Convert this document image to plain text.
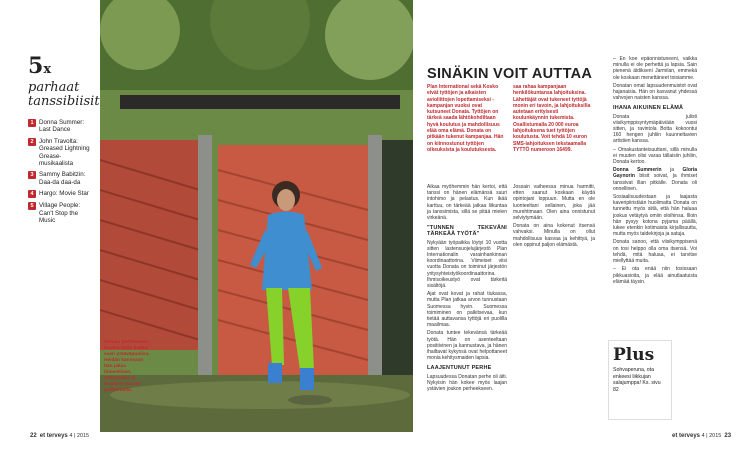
5x
parhaat tanssibiisit
1 Donna Summer: Last Dance
2 John Travolta: Greased Lightning Grease-musikaalista
3 Sammy Babitzin: Daa-da daa-da
4 Hargo: Movie Star
5 Village People: Can't Stop the Music
Donata perheeseen kuuluu äidin lisäksi saari ystäväpuoliso. Heidän kanssaan hän jakaa ihmeellisen, ystävyyden ja kesäisen saaren golfkentällä.
SINÄKIN VOIT AUTTAA
Plan International sekä Kosko eivät tyttöjen ja aikaisten avioliittojen lopettamiseksi -kampanjan vuoksi ovat kutsuneet Donata. Tyttöjen on tärkeä saada lähtökohdiltaan hyvä koulutus ja mahdollisuus elää oma elämä. Donata on pitkään tukenut kampanjaa. Hän on kiinnostunut tyttöjen oikeuksista ja koulutuksesta.
saa rahaa kampanjaan henkilökuntansa lahjoituksina. Lähettäjät ovat tukeneet tyttöjä monin eri tavoin, ja lahjoituksilla autetaan erityisesti koulunkäynnin tukemista. Osallistumalla 20 000 euroa lahjoituksena tuet tyttöjen koulutusta. Voit tehdä 10 euron SMS-lahjoituksen tekstaamalla TYTTÖ numeroon 16499.

Aikaa myöhemmin hän kertoi, että tanssi on hänen elämänsä suuri intohimo ja pelastus. Kun ikää karttuu, on tärkeää jatkaa liikuntaa ja tanssimista, sillä se pitää mielen virkeänä.

"TUNNEN TEKEVÄNI TÄRKEÄÄ TYÖTÄ"

Nykyään työpaikka löytyi 10 vuotta sitten lastensuojelujärjestö Plan Internationalin varainhankinnan koordinaattorina. Viimeiset viisi vuotta Donata on toiminut järjestön yritysyhteistyökoordinaattorina. Ihmisoikeustyö ovat tärkeitä sisältöjä.

Ajat ovat kovat ja rahat tiukassa, mutta Plan jatkaa arvon tunnustaan Suomessa hyvin. Suomessa toimiminen on palkitsevaa, kun tietää auttavansa tyttöjä eri puolilla maailmaa.

Donata tuntee tekevänsä tärkeää työtä. Hän on asenteeltaan positiivinen ja kannustava, ja hänen ihailtavat kykynsä ovat helpottaneet monia kehitysmaiden lapsia.

LAAJENTUNUT PERHE

Lapsuudessa Donatan perhe oli äiti. Nykyisin hän kokee myös laajan ystävien joukon perheekseen.

Jossain vaiheessa minua harmitti, etten saanut koskaan käydä opintojani loppuun. Mutta en ole luonteeltani sellainen, joka jää murehtimaan. Olen aina onnistunut selviytymään.

Donata on aina kokenut itsensä vahvaksi. Minulla on ollut mahdollisuus kasvaa ja kehittyä, ja olen oppinut paljon elämästä.

– En koe epäonnistuneeni, vaikka minulla ei ole perhettä ja lapsia. Sain pienenä äidikseni Jarmilan, emmekä ole koskaan menettäneet toisiamme.

Donatan omat lapsuudenmuistot ovat hajanaisia. Hän on kasvanut yhdessä vahvojen naisten kanssa.

IHANA AIKUINEN ELÄMÄ

Donata julisti viisikymppisyntymäpäiviään vuosi sitten, ja ravintola Botta kokoontui 160 hengen juhliin kuunneltavien artistien kanssa.

– Omakustanteisuuttani, sillä minulla ei muuten olisi varaa tällaisiin juhliin, Donata kertoo.

Donna Summerin ja Gloria Gaynorin biisit soivat, ja ihmiset tanssivat illan pitkälle. Donata oli onnellinen.

Sosiaalisuudestaan ja laajasta kaveripiiristään huolimatta Donata on tunnettu myös siitä, että hän haluaa joskus vetäytyä omiin oloihinsa. Illoin hän pysyy kotona pyjama päällä, lukee etenkin kotimaista kirjallisuutta, mutta myös taidekirjoja ja satuja.

Donata sanoo, että viisikymppisenä on tosi helppo olla oma itsensä. Voi tehdä, mitä haluaa, ei tarvitse miellyttää muita.

– Ei ota enää niin tosissaan pikkuasioita, ja elää ainutlaatuista elämää täysin.

Plus
Sohvaperuna, ota enkeesi liikkujan salajumppa! Ks. sivu 82
22 et terveys 4 | 2015	et terveys 4 | 2015 23
